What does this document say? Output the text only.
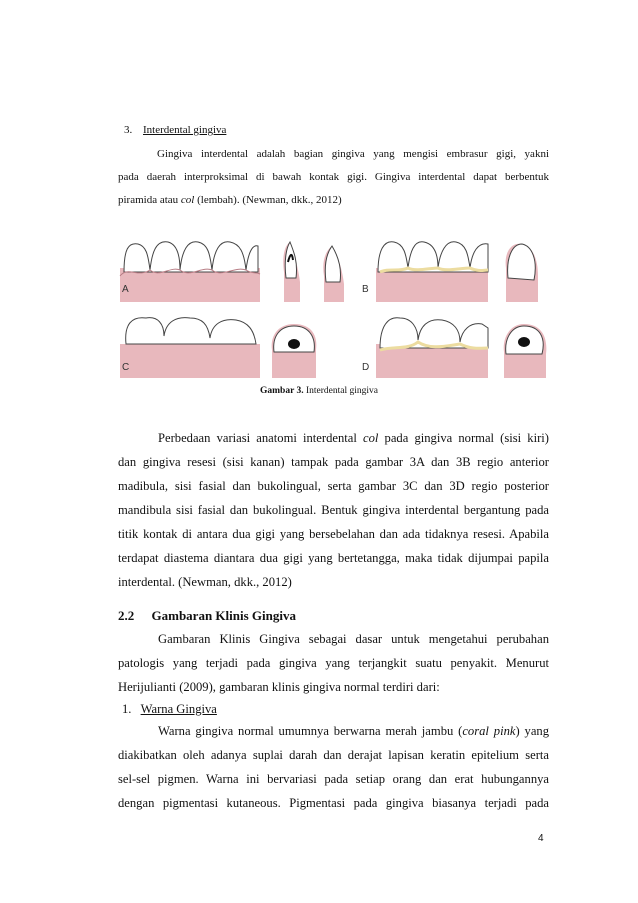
3. Interdental gingiva
Gingiva interdental adalah bagian gingiva yang mengisi embrasur gigi, yakni
pada daerah interproksimal di bawah kontak gigi. Gingiva interdental dapat berbentuk
piramida atau col (lembah). (Newman, dkk., 2012)
A	B
C	D
Gambar 3. Interdental gingiva
Perbedaan variasi anatomi interdental col pada gingiva normal (sisi kiri)
dan gingiva resesi (sisi kanan) tampak pada gambar 3A dan 3B regio anterior
madibula, sisi fasial dan bukolingual, serta gambar 3C dan 3D regio posterior
mandibula sisi fasial dan bukolingual. Bentuk gingiva interdental bergantung pada
titik kontak di antara dua gigi yang bersebelahan dan ada tidaknya resesi. Apabila
terdapat diastema diantara dua gigi yang bertetangga, maka tidak dijumpai papila
interdental. (Newman, dkk., 2012)
2.2 Gambaran Klinis Gingiva
Gambaran Klinis Gingiva sebagai dasar untuk mengetahui perubahan
patologis yang terjadi pada gingiva yang terjangkit suatu penyakit. Menurut
Herijulianti (2009), gambaran klinis gingiva normal terdiri dari:
1. Warna Gingiva
Warna gingiva normal umumnya berwarna merah jambu (coral pink) yang
diakibatkan oleh adanya suplai darah dan derajat lapisan keratin epitelium serta
sel-sel pigmen. Warna ini bervariasi pada setiap orang dan erat hubungannya
dengan pigmentasi kutaneous. Pigmentasi pada gingiva biasanya terjadi pada
4
